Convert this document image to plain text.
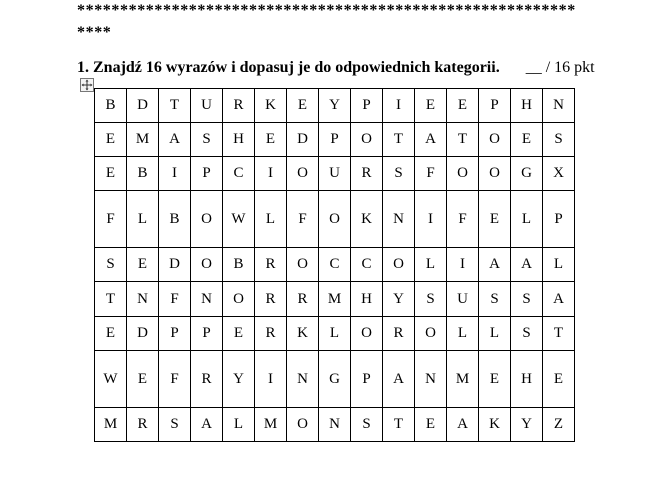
**************************************************************
1. Znajdź 16 wyrazów i dopasuj je do odpowiednich kategorii. __ / 16 pkt
B	D	T	U	R	K	E	Y	P	I	E	E	P	H	N
E	M	A	S	H	E	D	P	O	T	A	T	O	E	S
E	B	I	P	C	I	O	U	R	S	F	O	O	G	X
F	L	B	O	W	L	F	O	K	N	I	F	E	L	P
S	E	D	O	B	R	O	C	C	O	L	I	A	A	L
T	N	F	N	O	R	R	M	H	Y	S	U	S	S	A
E	D	P	P	E	R	K	L	O	R	O	L	L	S	T
W	E	F	R	Y	I	N	G	P	A	N	M	E	H	E
M	R	S	A	L	M	O	N	S	T	E	A	K	Y	Z
